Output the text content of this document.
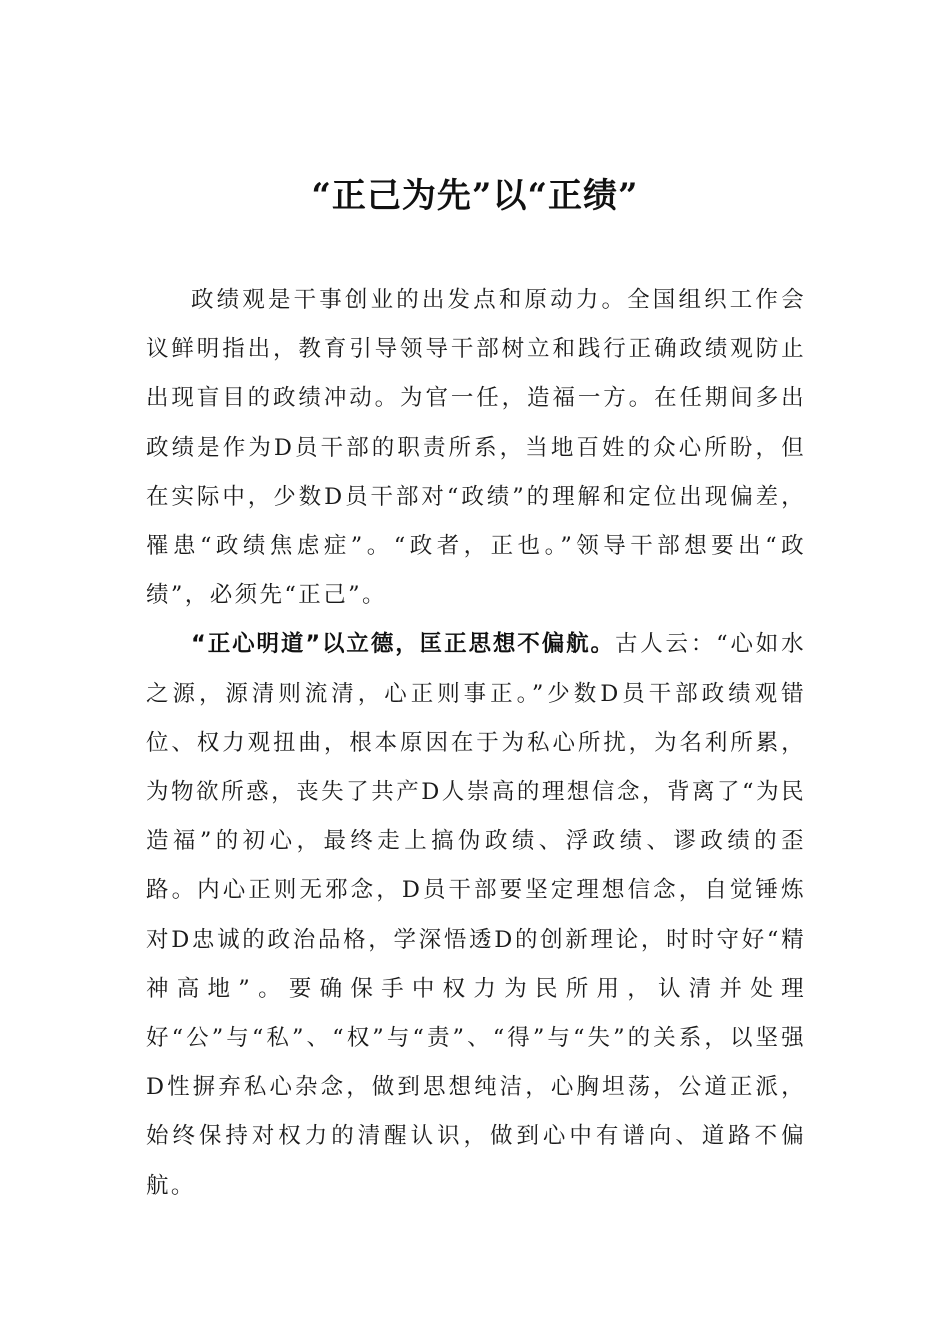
“正己为先”以“正绩”

政绩观是干事创业的出发点和原动力。全国组织工作会议鲜明指出，教育引导领导干部树立和践行正确政绩观防止出现盲目的政绩冲动。为官一任，造福一方。在任期间多出政绩是作为D员干部的职责所系，当地百姓的众心所盼，但在实际中，少数D员干部对“政绩”的理解和定位出现偏差，罹患“政绩焦虑症”。“政者，正也。”领导干部想要出“政绩”，必须先“正己”。

“正心明道”以立德，匡正思想不偏航。古人云：“心如水之源，源清则流清，心正则事正。”少数D员干部政绩观错位、权力观扭曲，根本原因在于为私心所扰，为名利所累，为物欲所惑，丧失了共产D人崇高的理想信念，背离了“为民造福”的初心，最终走上搞伪政绩、浮政绩、谬政绩的歪路。内心正则无邪念，D员干部要坚定理想信念，自觉锤炼对D忠诚的政治品格，学深悟透D的创新理论，时时守好“精神高地”。要确保手中权力为民所用，认清并处理好“公”与“私”、“权”与“责”、“得”与“失”的关系，以坚强D性摒弃私心杂念，做到思想纯洁，心胸坦荡，公道正派，始终保持对权力的清醒认识，做到心中有谱向、道路不偏航。
